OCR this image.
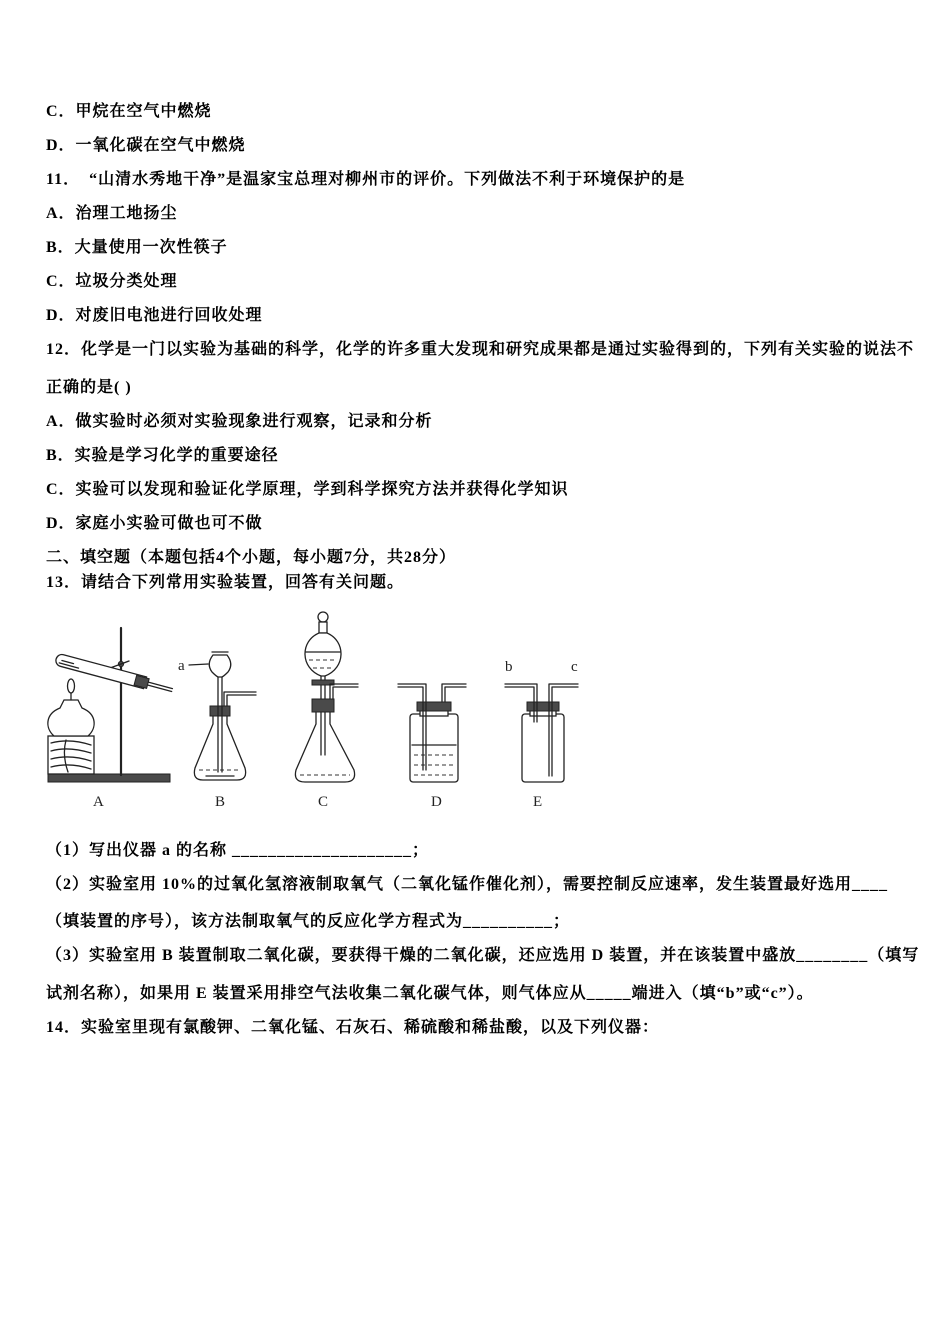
C．甲烷在空气中燃烧
D．一氧化碳在空气中燃烧
11．　“山清水秀地干净”是温家宝总理对柳州市的评价。下列做法不利于环境保护的是
A．治理工地扬尘
B．大量使用一次性筷子
C．垃圾分类处理
D．对废旧电池进行回收处理
12．化学是一门以实验为基础的科学，化学的许多重大发现和研究成果都是通过实验得到的，下列有关实验的说法不
正确的是( )
A．做实验时必须对实验现象进行观察，记录和分析
B．实验是学习化学的重要途径
C．实验可以发现和验证化学原理，学到科学探究方法并获得化学知识
D．家庭小实验可做也可不做
二、填空题（本题包括4个小题，每小题7分，共28分）
13．请结合下列常用实验装置，回答有关问题。
a	b	c
A	B	C	D	E
（1）写出仪器 a 的名称 ____________________；
（2）实验室用 10%的过氧化氢溶液制取氧气（二氧化锰作催化剂），需要控制反应速率，发生装置最好选用____
（填装置的序号），该方法制取氧气的反应化学方程式为__________；
（3）实验室用 B 装置制取二氧化碳，要获得干燥的二氧化碳，还应选用 D 装置，并在该装置中盛放________（填写
试剂名称），如果用 E 装置采用排空气法收集二氧化碳气体，则气体应从_____端进入（填“b”或“c”）。
14．实验室里现有氯酸钾、二氧化锰、石灰石、稀硫酸和稀盐酸，以及下列仪器：
